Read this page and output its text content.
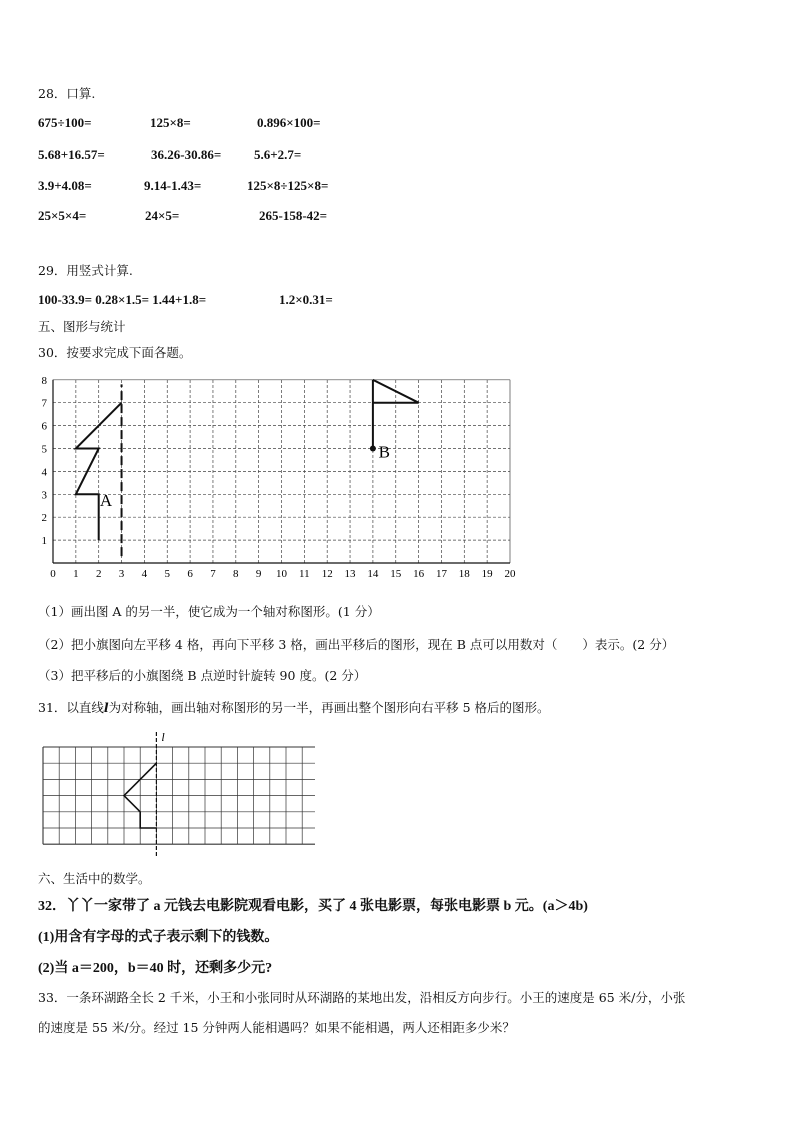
28．口算.
675÷100=	125×8=	0.896×100=
5.68+16.57=	36.26-30.86=	5.6+2.7=
3.9+4.08=	9.14-1.43=	125×8÷125×8=
25×5×4=	24×5=	265-158-42=
29．用竖式计算.
100-33.9= 0.28×1.5= 1.44+1.8=	1.2×0.31=
五、图形与统计
30．按要求完成下面各题。
0 1 2 3 4 5 6 7 8 9 10 11 12 13 14 15 16 17 18 19 20
1
2
3
4
5
6
7
8
A
B
（1）画出图 A 的另一半，使它成为一个轴对称图形。(1 分）
（2）把小旗图向左平移 4 格，再向下平移 3 格，画出平移后的图形，现在 B 点可以用数对（　　）表示。(2 分）
（3）把平移后的小旗图绕 B 点逆时针旋转 90 度。(2 分）
31．以直线l为对称轴，画出轴对称图形的另一半，再画出整个图形向右平移 5 格后的图形。
l
六、生活中的数学。
32．丫丫一家带了 a 元钱去电影院观看电影，买了 4 张电影票，每张电影票 b 元。(a＞4b)
(1)用含有字母的式子表示剩下的钱数。
(2)当 a＝200，b＝40 时，还剩多少元?
33．一条环湖路全长 2 千米，小王和小张同时从环湖路的某地出发，沿相反方向步行。小王的速度是 65 米/分，小张
的速度是 55 米/分。经过 15 分钟两人能相遇吗？如果不能相遇，两人还相距多少米？
